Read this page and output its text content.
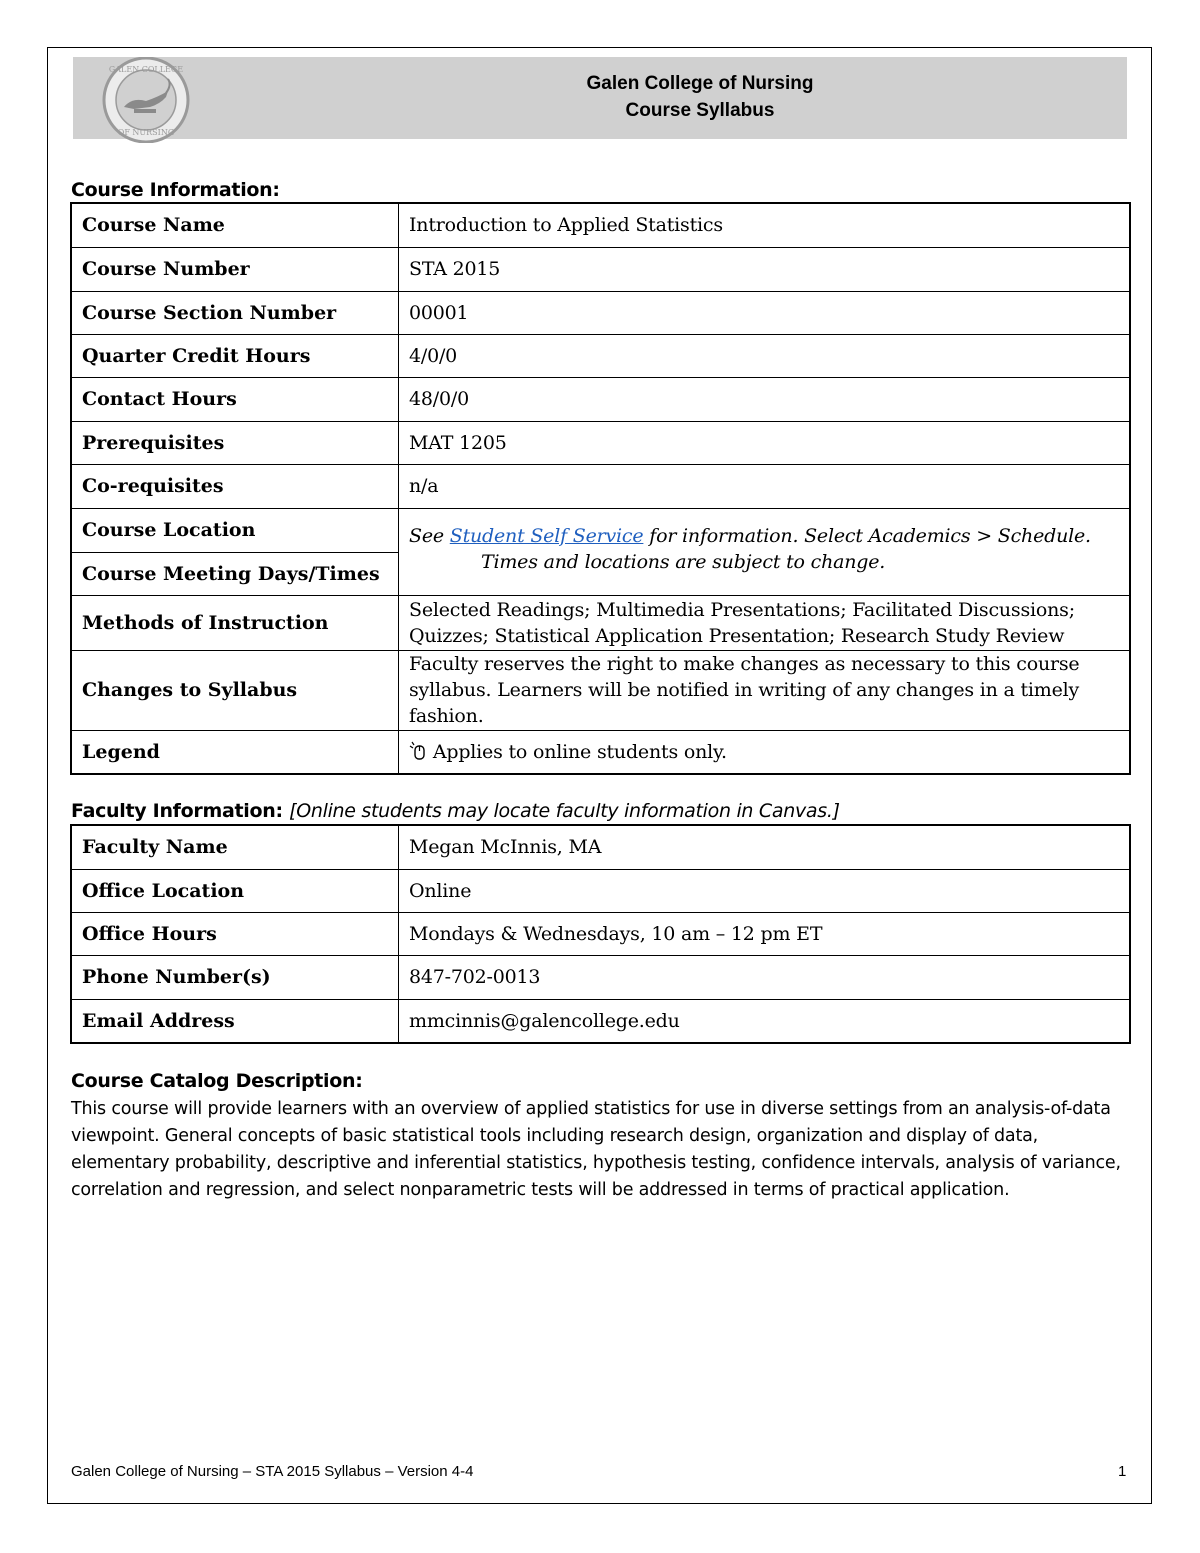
GALEN COLLEGE
OF NURSING
Galen College of Nursing
Course Syllabus
Course Information:
Course Name	Introduction to Applied Statistics
Course Number	STA 2015
Course Section Number	00001
Quarter Credit Hours	4/0/0
Contact Hours	48/0/0
Prerequisites	MAT 1205
Co-requisites	n/a
Course Location	See Student Self Service for information. Select Academics > Schedule.
Times and locations are subject to change.
Course Meeting Days/Times	
Methods of Instruction	Selected Readings; Multimedia Presentations; Facilitated Discussions; Quizzes; Statistical Application Presentation; Research Study Review
Changes to Syllabus	Faculty reserves the right to make changes as necessary to this course syllabus. Learners will be notified in writing of any changes in a timely fashion.
Legend	Applies to online students only.
Faculty Information: [Online students may locate faculty information in Canvas.]
Faculty Name	Megan McInnis, MA
Office Location	Online
Office Hours	Mondays & Wednesdays, 10 am – 12 pm ET
Phone Number(s)	847-702-0013
Email Address	mmcinnis@galencollege.edu
Course Catalog Description:
This course will provide learners with an overview of applied statistics for use in diverse settings from an analysis-of-data viewpoint. General concepts of basic statistical tools including research design, organization and display of data, elementary probability, descriptive and inferential statistics, hypothesis testing, confidence intervals, analysis of variance, correlation and regression, and select nonparametric tests will be addressed in terms of practical application.
Galen College of Nursing – STA 2015 Syllabus – Version 4-4	1
